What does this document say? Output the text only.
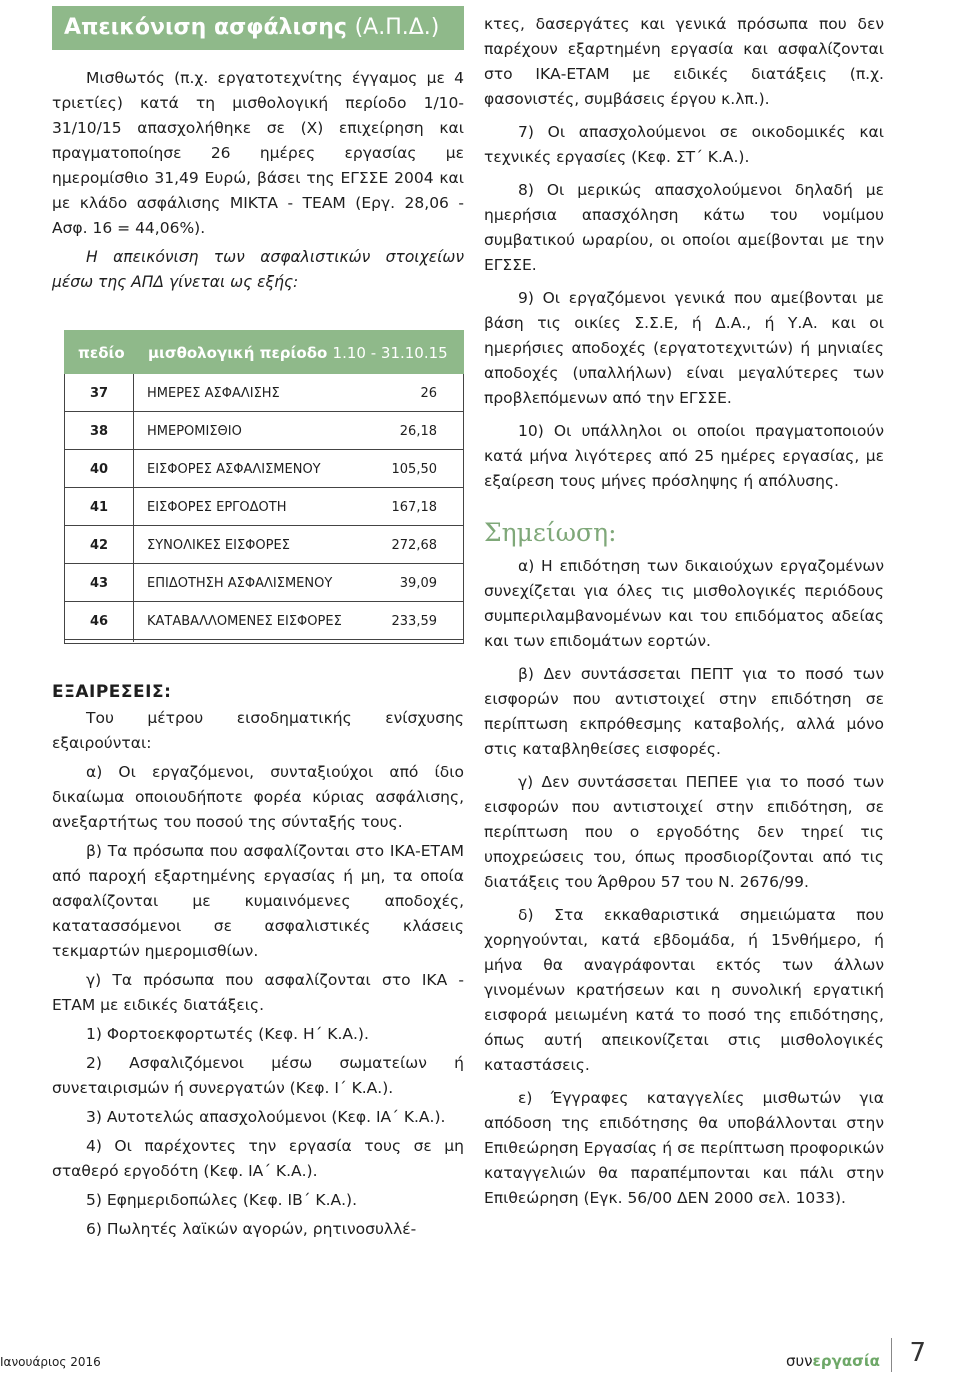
Απεικόνιση ασφάλισης (Α.Π.Δ.)

Μισθωτός (π.χ. εργατοτεχνίτης έγγαμος με 4 τριετίες) κατά τη μισθολογική περίοδο 1/10-31/10/15 απασχολήθηκε σε (Χ) επιχείρηση και πραγματοποίησε 26 ημέρες εργασίας με ημερομίσθιο 31,49 Ευρώ, βάσει της ΕΓΣΣΕ 2004 και με κλάδο ασφάλισης ΜΙΚΤΑ - ΤΕΑΜ (Εργ. 28,06 - Ασφ. 16 = 44,06%).

Η απεικόνιση των ασφαλιστικών στοιχείων μέσω της ΑΠΔ γίνεται ως εξής:

πεδίο μισθολογική περίοδο 1.10 - 31.10.15
37	ΗΜΕΡΕΣ ΑΣΦΑΛΙΣΗΣ	26
38	ΗΜΕΡΟΜΙΣΘΙΟ	26,18
40	ΕΙΣΦΟΡΕΣ ΑΣΦΑΛΙΣΜΕΝΟΥ	105,50
41	ΕΙΣΦΟΡΕΣ ΕΡΓΟΔΟΤΗ	167,18
42	ΣΥΝΟΛΙΚΕΣ ΕΙΣΦΟΡΕΣ	272,68
43	ΕΠΙΔΟΤΗΣΗ ΑΣΦΑΛΙΣΜΕΝΟΥ	39,09
46	ΚΑΤΑΒΑΛΛΟΜΕΝΕΣ ΕΙΣΦΟΡΕΣ	233,59
ΕΞΑΙΡΕΣΕΙΣ:

Του μέτρου εισοδηματικής ενίσχυσης εξαιρούνται:

α) Οι εργαζόμενοι, συνταξιούχοι από ίδιο δικαίωμα οποιουδήποτε φορέα κύριας ασφάλισης, ανεξαρτήτως του ποσού της σύνταξής τους.

β) Τα πρόσωπα που ασφαλίζονται στο ΙΚΑ-ΕΤΑΜ από παροχή εξαρτημένης εργασίας ή μη, τα οποία ασφαλίζονται με κυμαινόμενες αποδοχές, κατατασσόμενοι σε ασφαλιστικές κλάσεις τεκμαρτών ημερομισθίων.

γ) Τα πρόσωπα που ασφαλίζονται στο ΙΚΑ - ΕΤΑΜ με ειδικές διατάξεις.

1) Φορτοεκφορτωτές (Κεφ. Η΄ Κ.Α.).

2) Ασφαλιζόμενοι μέσω σωματείων ή συνεταιρισμών ή συνεργατών (Κεφ. Ι΄ Κ.Α.).

3) Αυτοτελώς απασχολούμενοι (Κεφ. ΙΑ΄ Κ.Α.).

4) Οι παρέχοντες την εργασία τους σε μη σταθερό εργοδότη (Κεφ. ΙΑ΄ Κ.Α.).

5) Εφημεριδοπώλες (Κεφ. ΙΒ΄ Κ.Α.).

6) Πωλητές λαϊκών αγορών, ρητινοσυλλέ-

κτες, δασεργάτες και γενικά πρόσωπα που δεν παρέχουν εξαρτημένη εργασία και ασφαλίζονται στο ΙΚΑ-ΕΤΑΜ με ειδικές διατάξεις (π.χ. φασονιστές, συμβάσεις έργου κ.λπ.).

7) Οι απασχολούμενοι σε οικοδομικές και τεχνικές εργασίες (Κεφ. ΣΤ΄ Κ.Α.).

8) Οι μερικώς απασχολούμενοι δηλαδή με ημερήσια απασχόληση κάτω του νομίμου συμβατικού ωραρίου, οι οποίοι αμείβονται με την ΕΓΣΣΕ.

9) Οι εργαζόμενοι γενικά που αμείβονται με βάση τις οικίες Σ.Σ.Ε, ή Δ.Α., ή Υ.Α. και οι ημερήσιες αποδοχές (εργατοτεχνιτών) ή μηνιαίες αποδοχές (υπαλλήλων) είναι μεγαλύτερες των προβλεπόμενων από την ΕΓΣΣΕ.

10) Οι υπάλληλοι οι οποίοι πραγματοποιούν κατά μήνα λιγότερες από 25 ημέρες εργασίας, με εξαίρεση τους μήνες πρόσληψης ή απόλυσης.

Σημείωση:

α) Η επιδότηση των δικαιούχων εργαζομένων συνεχίζεται για όλες τις μισθολογικές περιόδους συμπεριλαμβανομένων και του επιδόματος αδείας και των επιδομάτων εορτών.

β) Δεν συντάσσεται ΠΕΠΤ για το ποσό των εισφορών που αντιστοιχεί στην επιδότηση σε περίπτωση εκπρόθεσμης καταβολής, αλλά μόνο στις καταβληθείσες εισφορές.

γ) Δεν συντάσσεται ΠΕΠΕΕ για το ποσό των εισφορών που αντιστοιχεί στην επιδότηση, σε περίπτωση που ο εργοδότης δεν τηρεί τις υποχρεώσεις του, όπως προσδιορίζονται από τις διατάξεις του Άρθρου 57 του Ν. 2676/99.

δ) Στα εκκαθαριστικά σημειώματα που χορηγούνται, κατά εβδομάδα, ή 15νθήμερο, ή μήνα θα αναγράφονται εκτός των άλλων γινομένων κρατήσεων και η συνολική εργατική εισφορά μειωμένη κατά το ποσό της επιδότησης, όπως αυτή απεικονίζεται στις μισθολογικές καταστάσεις.

ε) Έγγραφες καταγγελίες μισθωτών για απόδοση της επιδότησης θα υποβάλλονται στην Επιθεώρηση Εργασίας ή σε περίπτωση προφορικών καταγγελιών θα παραπέμπονται και πάλι στην Επιθεώρηση (Εγκ. 56/00 ΔΕΝ 2000 σελ. 1033).

Ιανουάριος 2016	συνεργασία 7
